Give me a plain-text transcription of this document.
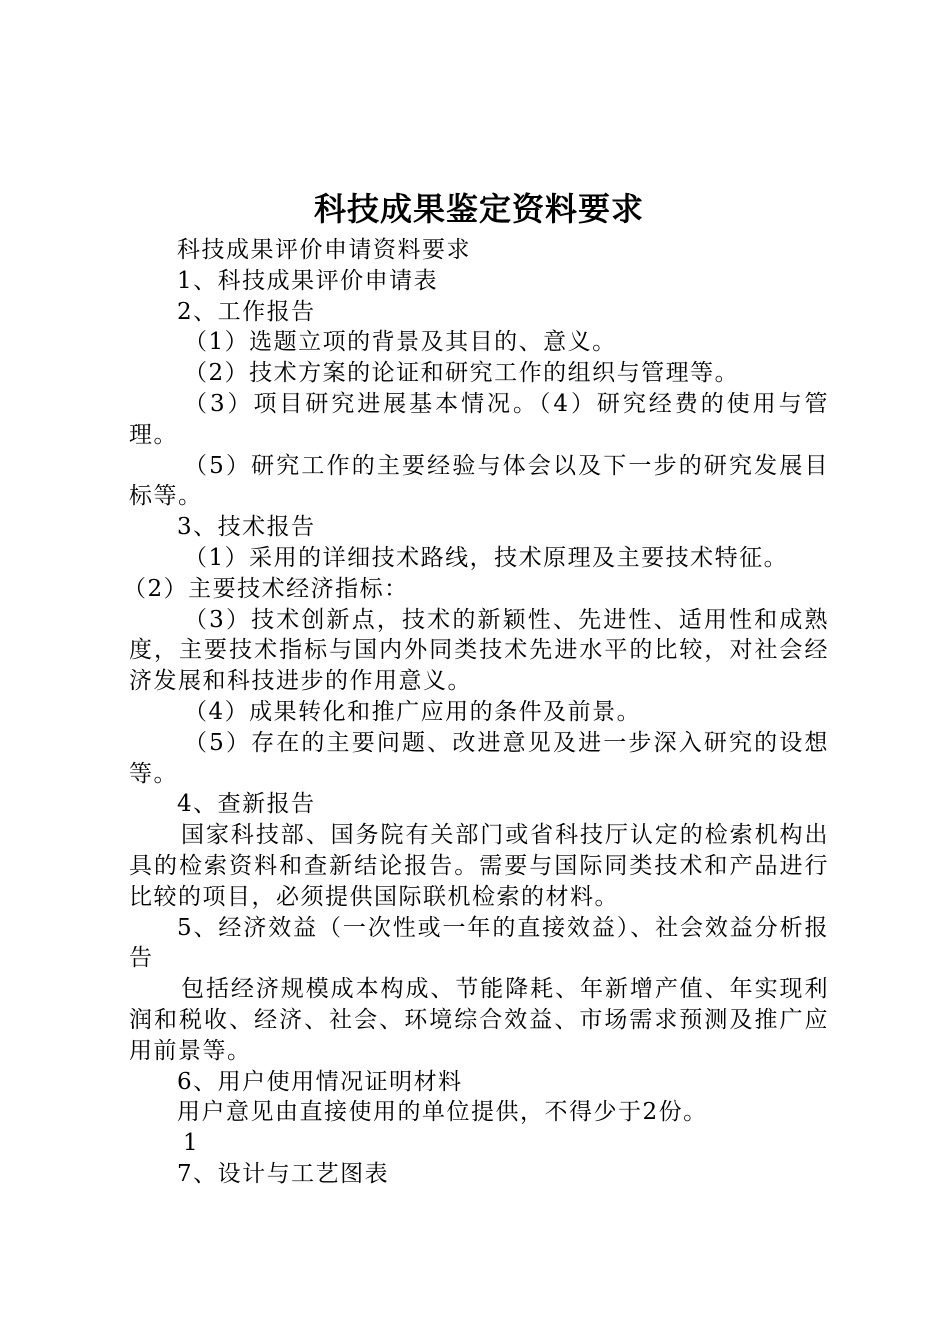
科技成果鉴定资料要求

科技成果评价申请资料要求

1、科技成果评价申请表

2、工作报告

（1）选题立项的背景及其目的、意义。

（2）技术方案的论证和研究工作的组织与管理等。

（3）项目研究进展基本情况。（4）研究经费的使用与管理。

（5）研究工作的主要经验与体会以及下一步的研究发展目标等。

3、技术报告

（1）采用的详细技术路线，技术原理及主要技术特征。

（2）主要技术经济指标：

（3）技术创新点，技术的新颖性、先进性、适用性和成熟度，主要技术指标与国内外同类技术先进水平的比较，对社会经济发展和科技进步的作用意义。

（4）成果转化和推广应用的条件及前景。

（5）存在的主要问题、改进意见及进一步深入研究的设想等。

4、查新报告

国家科技部、国务院有关部门或省科技厅认定的检索机构出具的检索资料和查新结论报告。需要与国际同类技术和产品进行比较的项目，必须提供国际联机检索的材料。

5、经济效益（一次性或一年的直接效益）、社会效益分析报告

包括经济规模成本构成、节能降耗、年新增产值、年实现利润和税收、经济、社会、环境综合效益、市场需求预测及推广应用前景等。

6、用户使用情况证明材料

用户意见由直接使用的单位提供，不得少于2份。

1

7、设计与工艺图表
